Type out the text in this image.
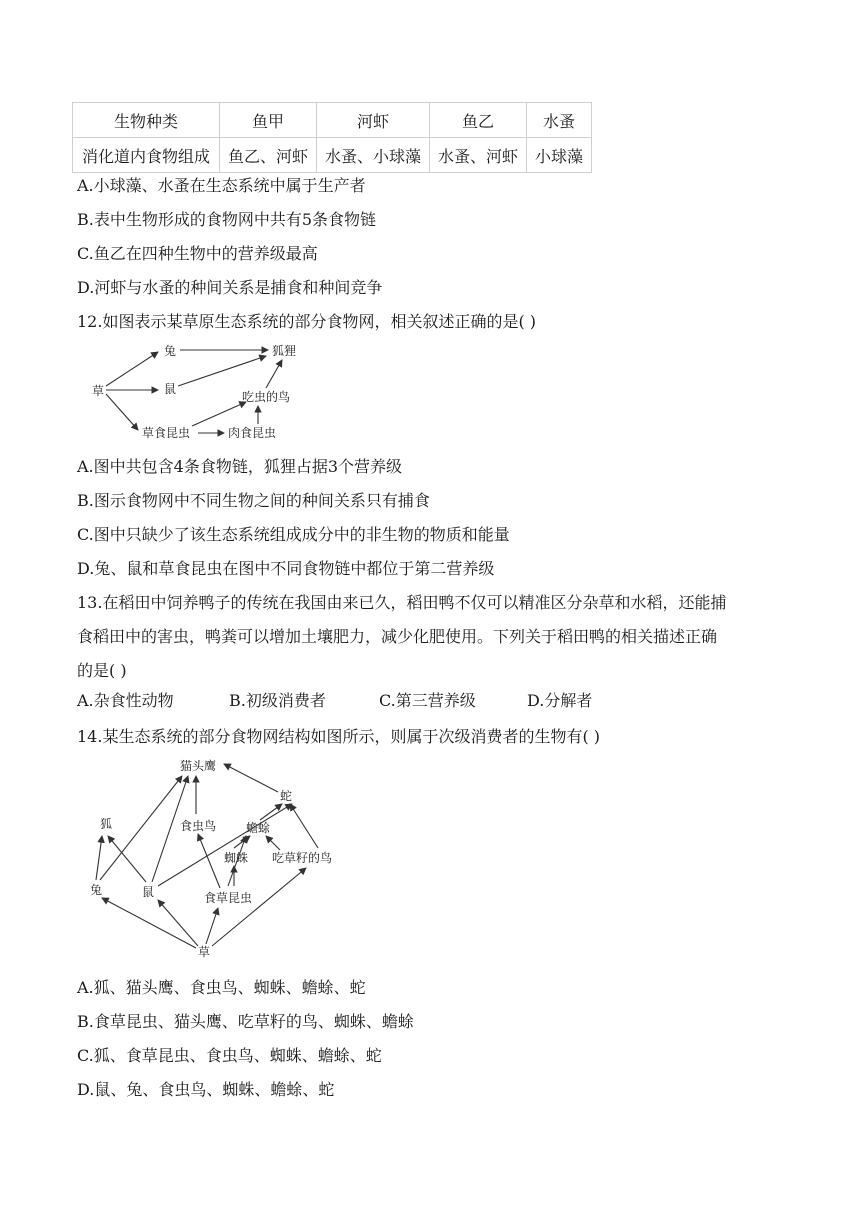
生物种类	鱼甲	河虾	鱼乙	水蚤
消化道内食物组成	鱼乙、河虾	水蚤、小球藻	水蚤、河虾	小球藻
A.小球藻、水蚤在生态系统中属于生产者
B.表中生物形成的食物网中共有5条食物链
C.鱼乙在四种生物中的营养级最高
D.河虾与水蚤的种间关系是捕食和种间竞争
12.如图表示某草原生态系统的部分食物网，相关叙述正确的是( )
草
兔	狐狸
鼠
吃虫的鸟
草食昆虫	肉食昆虫
A.图中共包含4条食物链，狐狸占据3个营养级
B.图示食物网中不同生物之间的种间关系只有捕食
C.图中只缺少了该生态系统组成成分中的非生物的物质和能量
D.兔、鼠和草食昆虫在图中不同食物链中都位于第二营养级
13.在稻田中饲养鸭子的传统在我国由来已久，稻田鸭不仅可以精准区分杂草和水稻，还能捕
食稻田中的害虫，鸭粪可以增加土壤肥力，减少化肥使用。下列关于稻田鸭的相关描述正确
的是( )
A.杂食性动物	B.初级消费者	C.第三营养级	D.分解者
14.某生态系统的部分食物网结构如图所示，则属于次级消费者的生物有( )
猫头鹰
蛇
狐	食虫鸟 蟾蜍
蜘蛛 吃草籽的鸟
兔	鼠	食草昆虫
草
A.狐、猫头鹰、食虫鸟、蜘蛛、蟾蜍、蛇
B.食草昆虫、猫头鹰、吃草籽的鸟、蜘蛛、蟾蜍
C.狐、食草昆虫、食虫鸟、蜘蛛、蟾蜍、蛇
D.鼠、兔、食虫鸟、蜘蛛、蟾蜍、蛇
